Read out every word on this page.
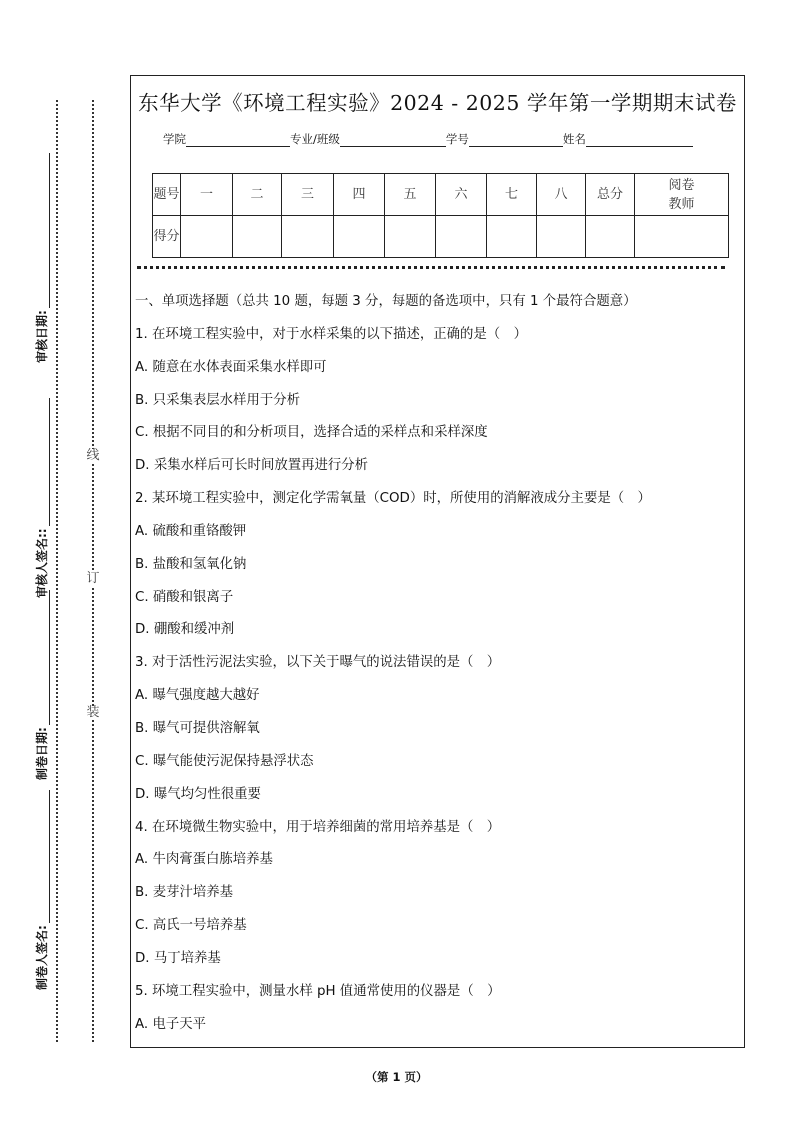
装
订
线
制卷人签名:
制卷日期:
审核人签名::
审核日期:
东华大学《环境工程实验》2024 - 2025 学年第一学期期末试卷
学院	专业/班级	学号	姓名
题号	一	二	三	四	五	六	七	八	总分	阅卷教师
得分										
一、单项选择题（总共 10 题，每题 3 分，每题的备选项中，只有 1 个最符合题意）
1. 在环境工程实验中，对于水样采集的以下描述，正确的是（　）
A. 随意在水体表面采集水样即可
B. 只采集表层水样用于分析
C. 根据不同目的和分析项目，选择合适的采样点和采样深度
D. 采集水样后可长时间放置再进行分析
2. 某环境工程实验中，测定化学需氧量（COD）时，所使用的消解液成分主要是（　）
A. 硫酸和重铬酸钾
B. 盐酸和氢氧化钠
C. 硝酸和银离子
D. 硼酸和缓冲剂
3. 对于活性污泥法实验，以下关于曝气的说法错误的是（　）
A. 曝气强度越大越好
B. 曝气可提供溶解氧
C. 曝气能使污泥保持悬浮状态
D. 曝气均匀性很重要
4. 在环境微生物实验中，用于培养细菌的常用培养基是（　）
A. 牛肉膏蛋白胨培养基
B. 麦芽汁培养基
C. 高氏一号培养基
D. 马丁培养基
5. 环境工程实验中，测量水样 pH 值通常使用的仪器是（　）
A. 电子天平
（第 1 页）
